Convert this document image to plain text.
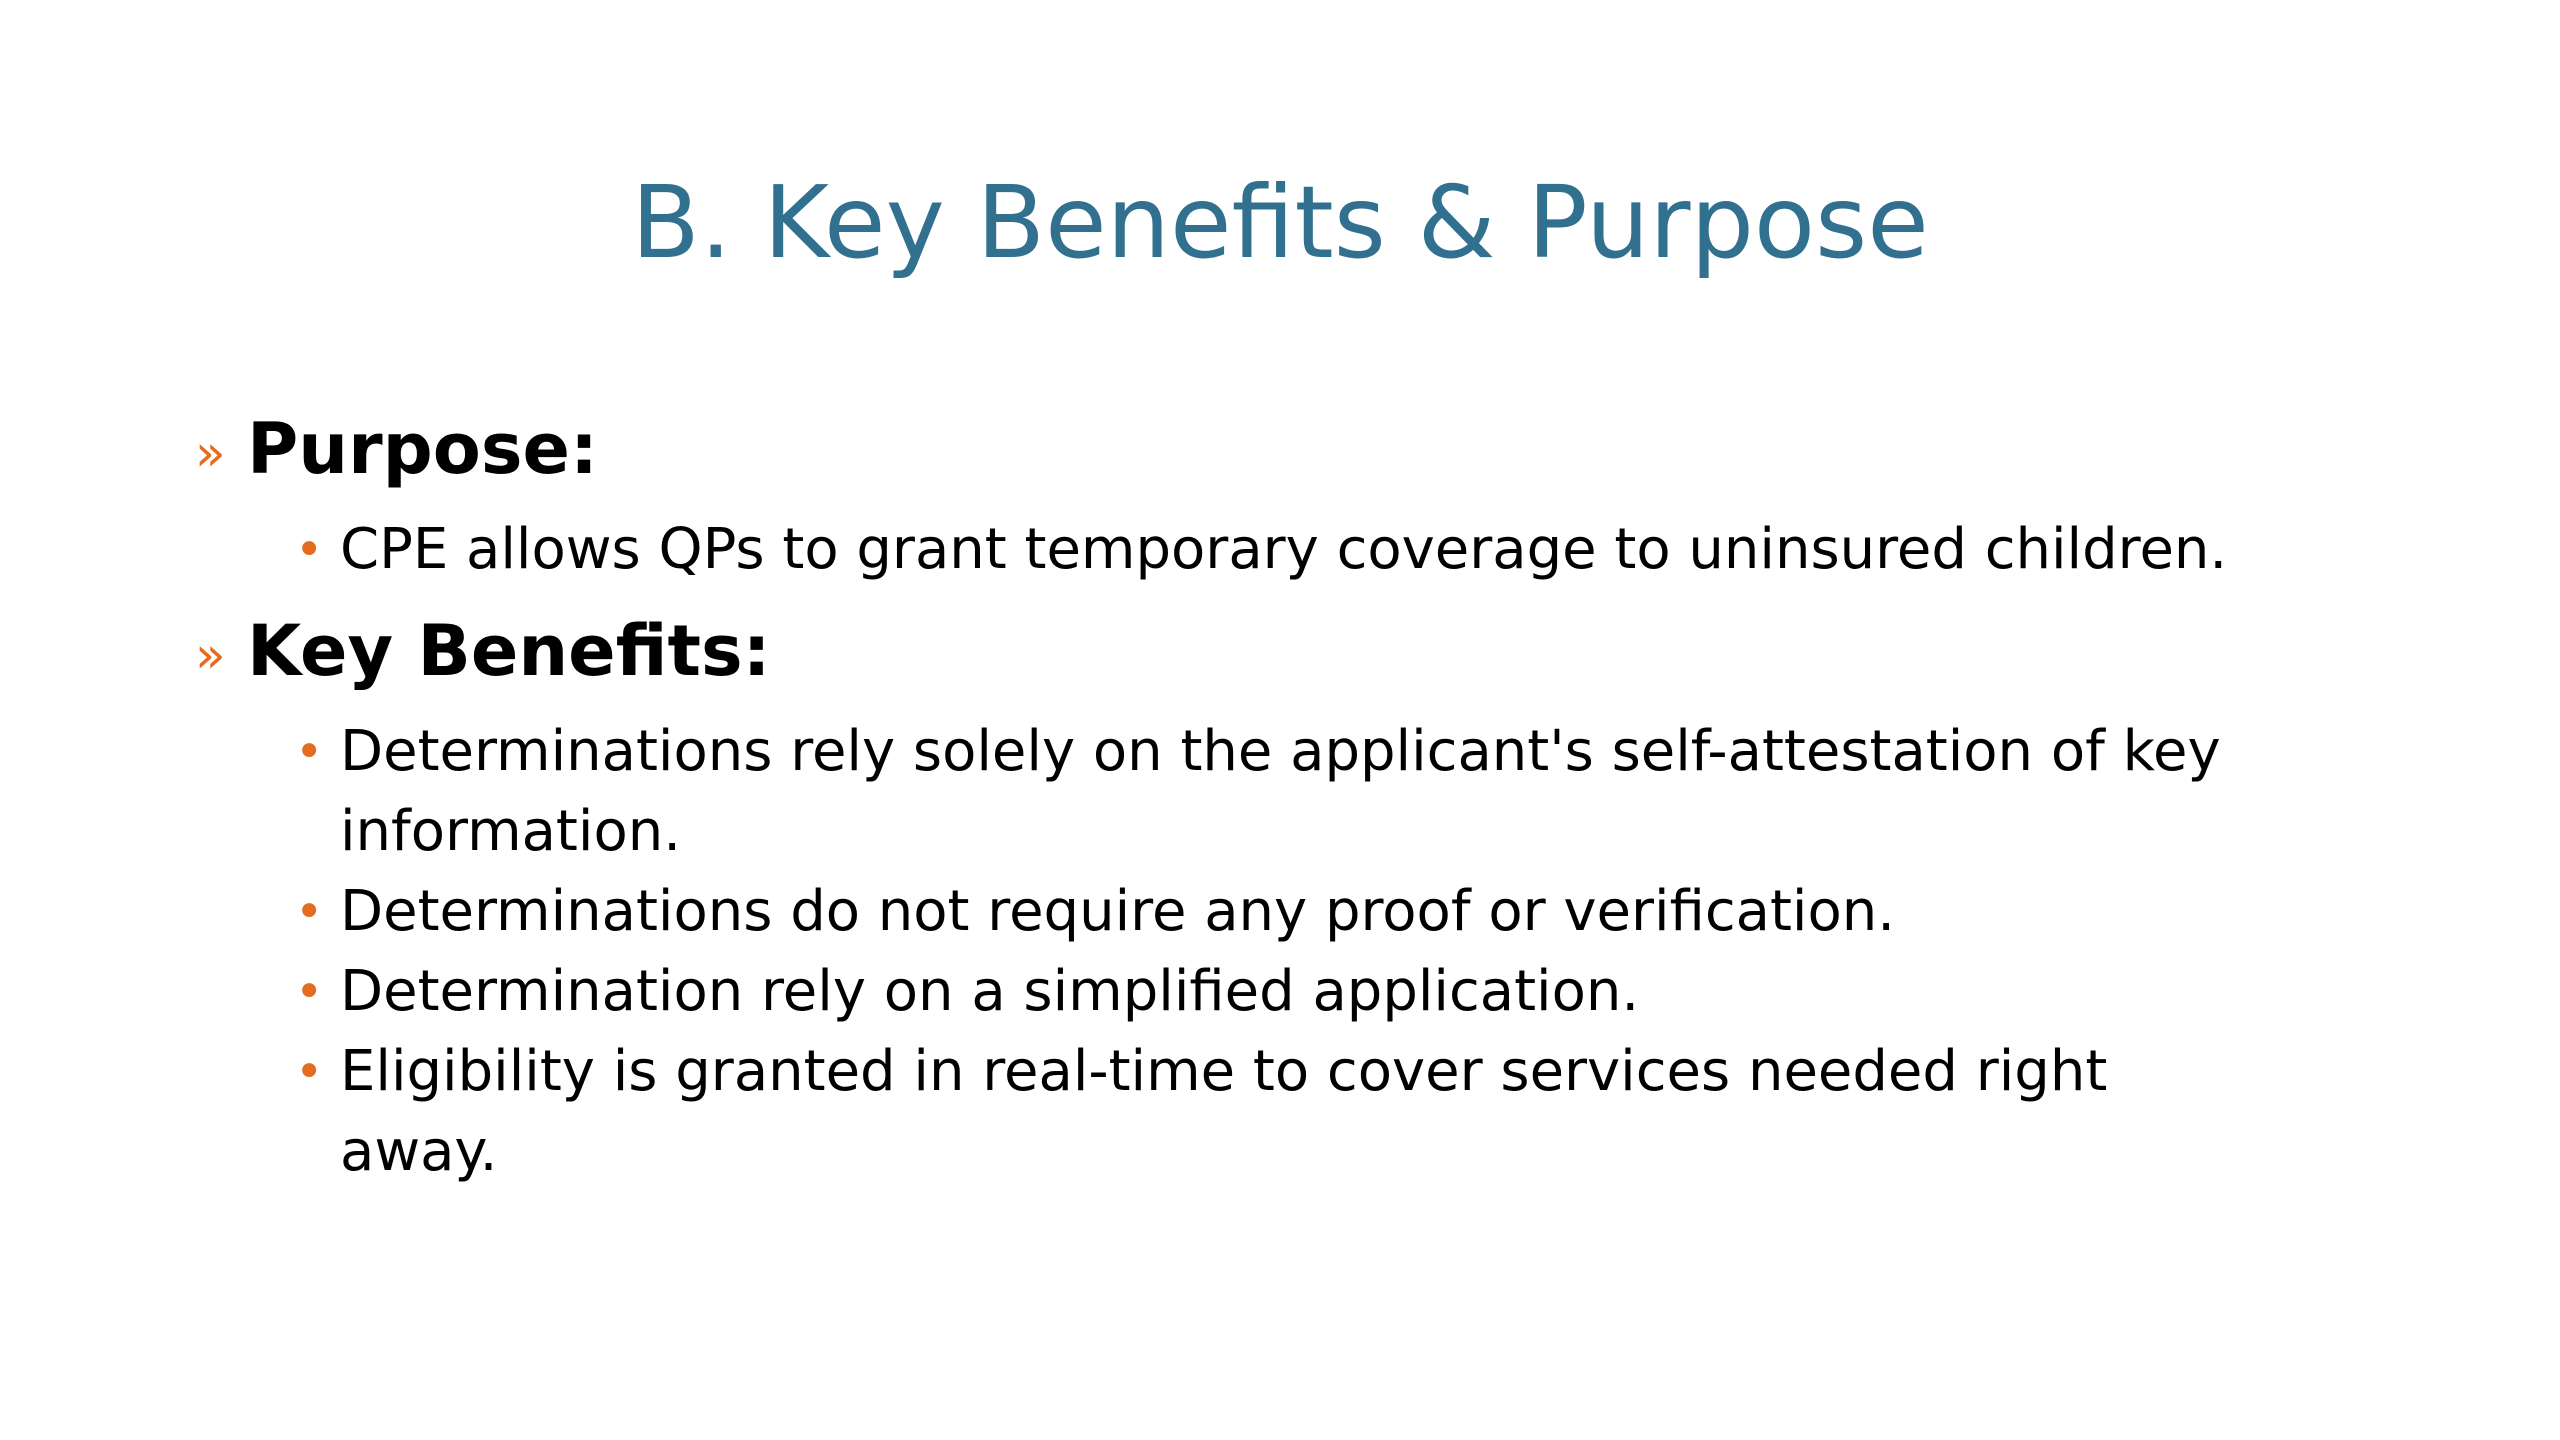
B. Key Benefits & Purpose
» Purpose:
• CPE allows QPs to grant temporary coverage to uninsured children.
» Key Benefits:
• Determinations rely solely on the applicant's self-attestation of key information.
• Determinations do not require any proof or verification.
• Determination rely on a simplified application.
• Eligibility is granted in real-time to cover services needed right away.
